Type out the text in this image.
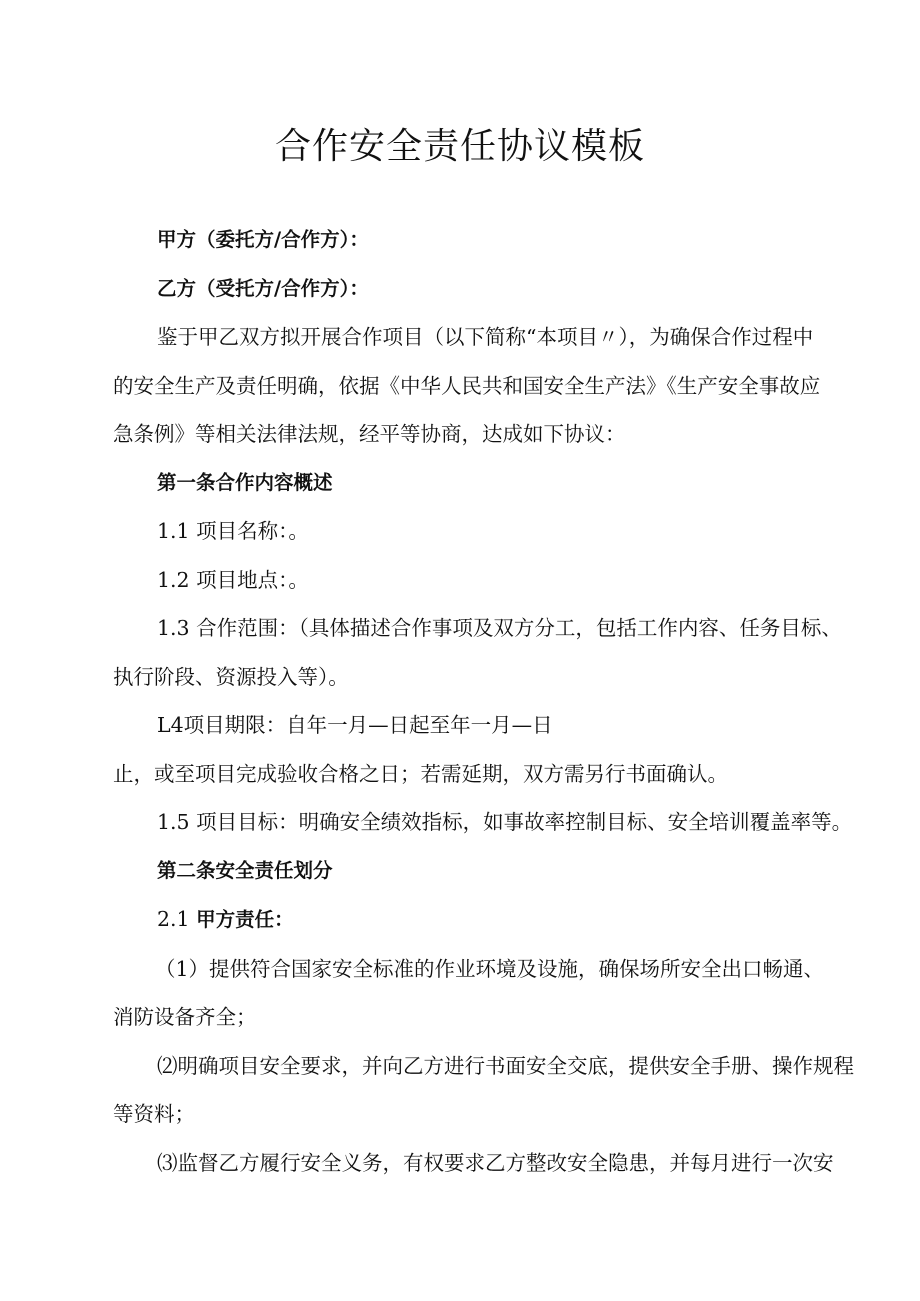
合作安全责任协议模板

甲方（委托方/合作方）：

乙方（受托方/合作方）：

鉴于甲乙双方拟开展合作项目（以下简称“本项目〃），为确保合作过程中

的安全生产及责任明确，依据《中华人民共和国安全生产法》《生产安全事故应

急条例》等相关法律法规，经平等协商，达成如下协议：

第一条合作内容概述

1.1 项目名称：。

1.2 项目地点：。

1.3 合作范围：（具体描述合作事项及双方分工，包括工作内容、任务目标、

执行阶段、资源投入等）。

L4项目期限：自年一月—日起至年一月—日

止，或至项目完成验收合格之日；若需延期，双方需另行书面确认。

1.5 项目目标：明确安全绩效指标，如事故率控制目标、安全培训覆盖率等。

第二条安全责任划分

2.1 甲方责任：

（1）提供符合国家安全标准的作业环境及设施，确保场所安全出口畅通、

消防设备齐全；

⑵明确项目安全要求，并向乙方进行书面安全交底，提供安全手册、操作规程

等资料；

⑶监督乙方履行安全义务，有权要求乙方整改安全隐患，并每月进行一次安
